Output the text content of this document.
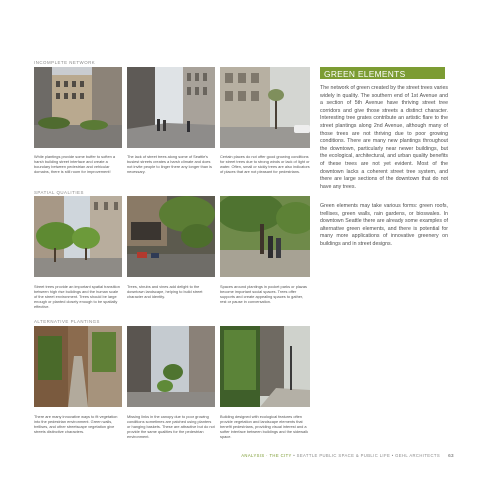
INCOMPLETE NETWORK
SPATIAL QUALITIES
ALTERNATIVE PLANTINGS
While plantings provide some buffer to soften a harsh building street interface and create a boundary between pedestrian and vehicular domains, there is still room for improvement!
The lack of street trees along some of Seattle's busiest streets creates a harsh climate and does not invite people to linger there any longer than is necessary.
Certain places do not offer good growing conditions for street trees due to strong winds or lack of light or water. Often, small or sickly trees are also indicators of places that are not pleasant for pedestrians.
Street trees provide an important spatial transition between high rise buildings and the human scale of the street environment. Trees should be large enough or planted closely enough to be spatially effective.
Trees, shrubs and vines add delight to the downtown landscape, helping to build street character and identity.
Spaces around plantings in pocket parks or plazas become important social spaces. Trees offer supports and create appealing spaces to gather, rest or pause in conversation.
There are many innovative ways to fit vegetation into the pedestrian environment. Green walls, trellises, and other streetscape vegetation give streets distinctive characters.
Missing links in the canopy due to poor growing conditions sometimes are patched using planters or hanging baskets. These are attractive but do not provide the same qualities for the pedestrian environment.
Building designed with ecological features often provide vegetation and landscape elements that benefit pedestrians, providing visual interest and a softer interface between buildings and the sidewalk space.
GREEN ELEMENTS
The network of green created by the street trees varies widely in quality. The southern end of 1st Avenue and a section of 5th Avenue have thriving street tree corridors and give those streets a distinct character. Interesting tree grates contribute an artistic flare to the street plantings along 2nd Avenue, although many of those trees are not thriving due to poor growing conditions. There are many new plantings throughout the downtown, particularly near newer buildings, but the ecological, architectural, and urban quality benefits of these trees are not yet evident. Most of the downtown lacks a coherent street tree system, and there are large sections of the downtown that do not have any trees.
Green elements may take various forms: green roofs, trellises, green walls, rain gardens, or bioswales. In downtown Seattle there are already some examples of alternative green elements, and there is potential for many more applications of innovative greenery on buildings and in street designs.
ANALYSIS · THE CITY • SEATTLE PUBLIC SPACE & PUBLIC LIFE • GEHL ARCHITECTS 63
